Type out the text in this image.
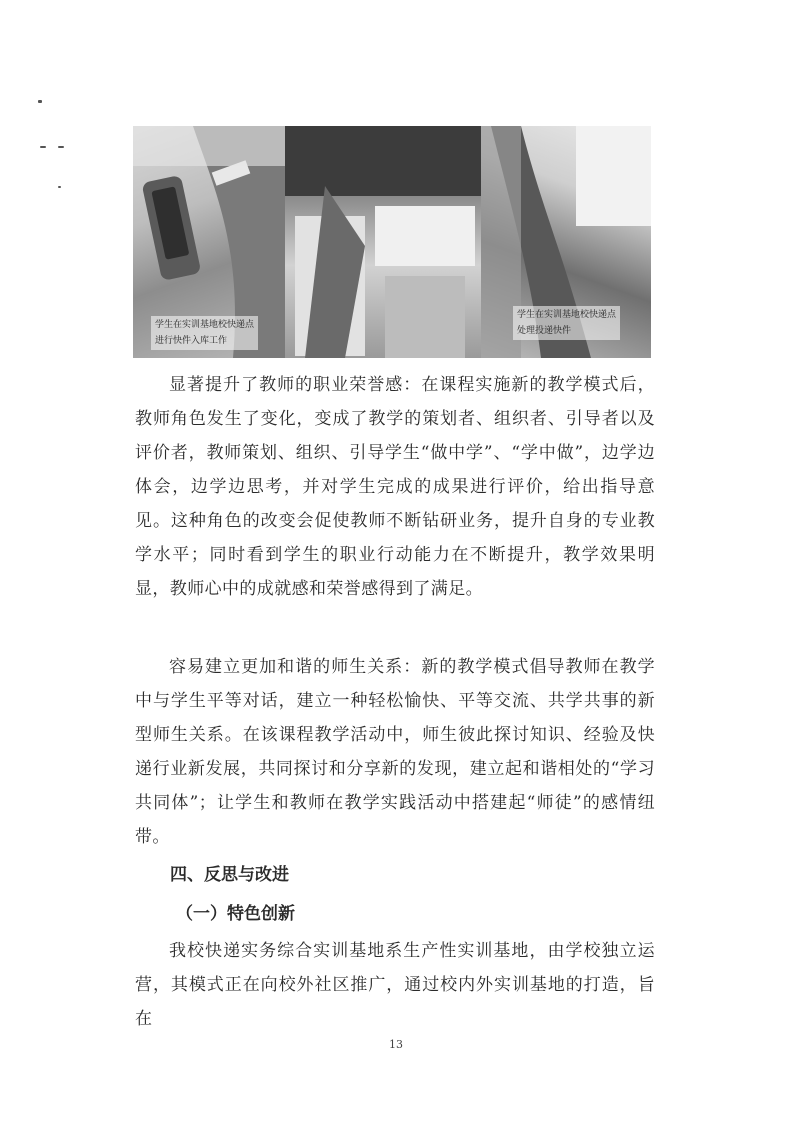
学生在实训基地校快递点
进行快件入库工作
学生在实训基地校快递点
处理投递快件

显著提升了教师的职业荣誉感：在课程实施新的教学模式后，教师角色发生了变化，变成了教学的策划者、组织者、引导者以及评价者，教师策划、组织、引导学生“做中学”、“学中做”，边学边体会，边学边思考，并对学生完成的成果进行评价，给出指导意见。这种角色的改变会促使教师不断钻研业务，提升自身的专业教学水平；同时看到学生的职业行动能力在不断提升，教学效果明显，教师心中的成就感和荣誉感得到了满足。

容易建立更加和谐的师生关系：新的教学模式倡导教师在教学中与学生平等对话，建立一种轻松愉快、平等交流、共学共事的新型师生关系。在该课程教学活动中，师生彼此探讨知识、经验及快递行业新发展，共同探讨和分享新的发现，建立起和谐相处的“学习共同体”；让学生和教师在教学实践活动中搭建起“师徒”的感情纽带。

四、反思与改进
（一）特色创新

我校快递实务综合实训基地系生产性实训基地，由学校独立运营，其模式正在向校外社区推广，通过校内外实训基地的打造，旨在

13
